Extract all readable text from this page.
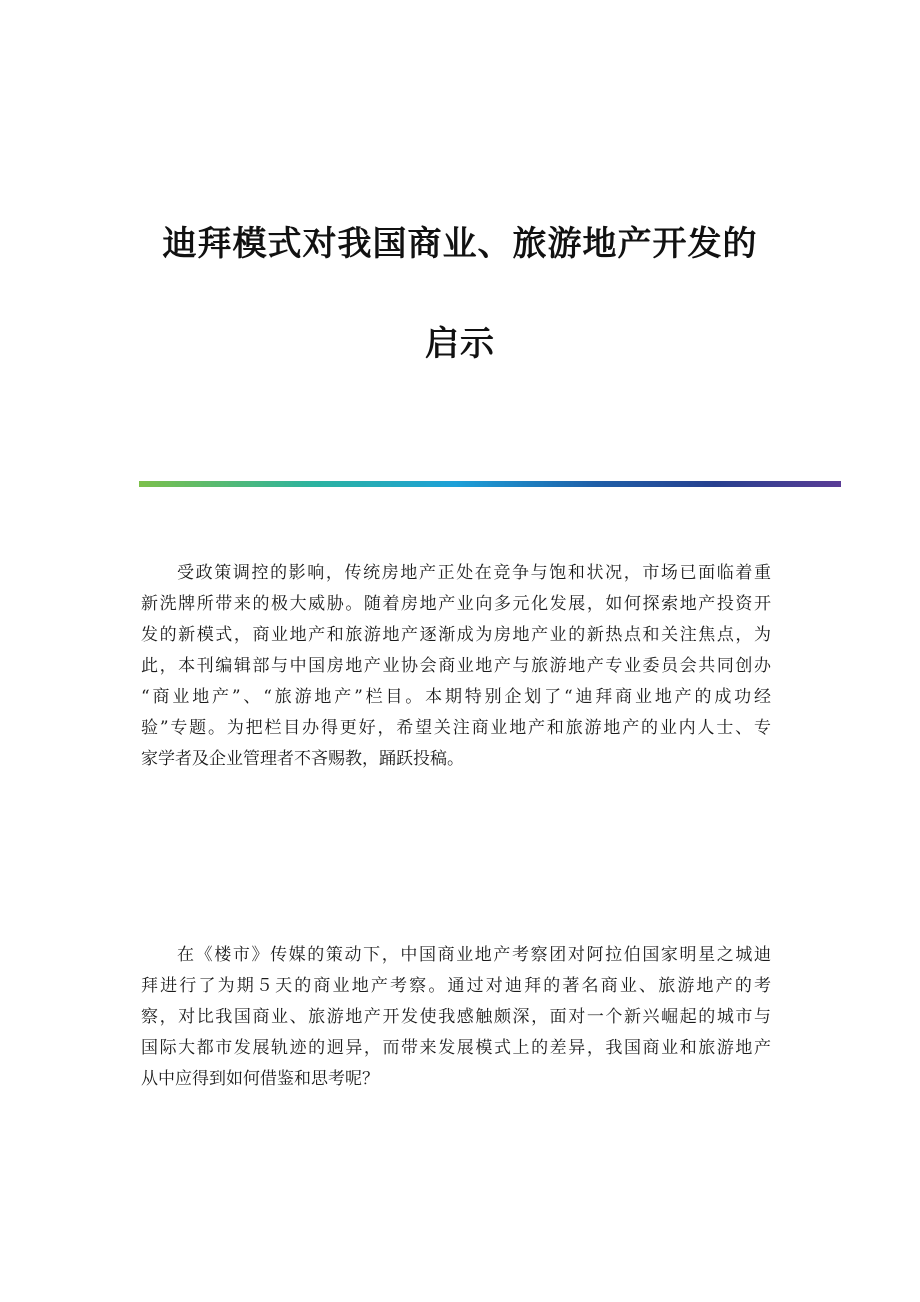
迪拜模式对我国商业、旅游地产开发的
启示
受政策调控的影响，传统房地产正处在竞争与饱和状况，市场已面临着重
新洗牌所带来的极大威胁。随着房地产业向多元化发展，如何探索地产投资开
发的新模式，商业地产和旅游地产逐渐成为房地产业的新热点和关注焦点，为
此，本刊编辑部与中国房地产业协会商业地产与旅游地产专业委员会共同创办
“商业地产”、“旅游地产”栏目。本期特别企划了“迪拜商业地产的成功经
验”专题。为把栏目办得更好，希望关注商业地产和旅游地产的业内人士、专
家学者及企业管理者不吝赐教，踊跃投稿。
在《楼市》传媒的策动下，中国商业地产考察团对阿拉伯国家明星之城迪
拜进行了为期５天的商业地产考察。通过对迪拜的著名商业、旅游地产的考
察，对比我国商业、旅游地产开发使我感触颇深，面对一个新兴崛起的城市与
国际大都市发展轨迹的迥异，而带来发展模式上的差异，我国商业和旅游地产
从中应得到如何借鉴和思考呢？
